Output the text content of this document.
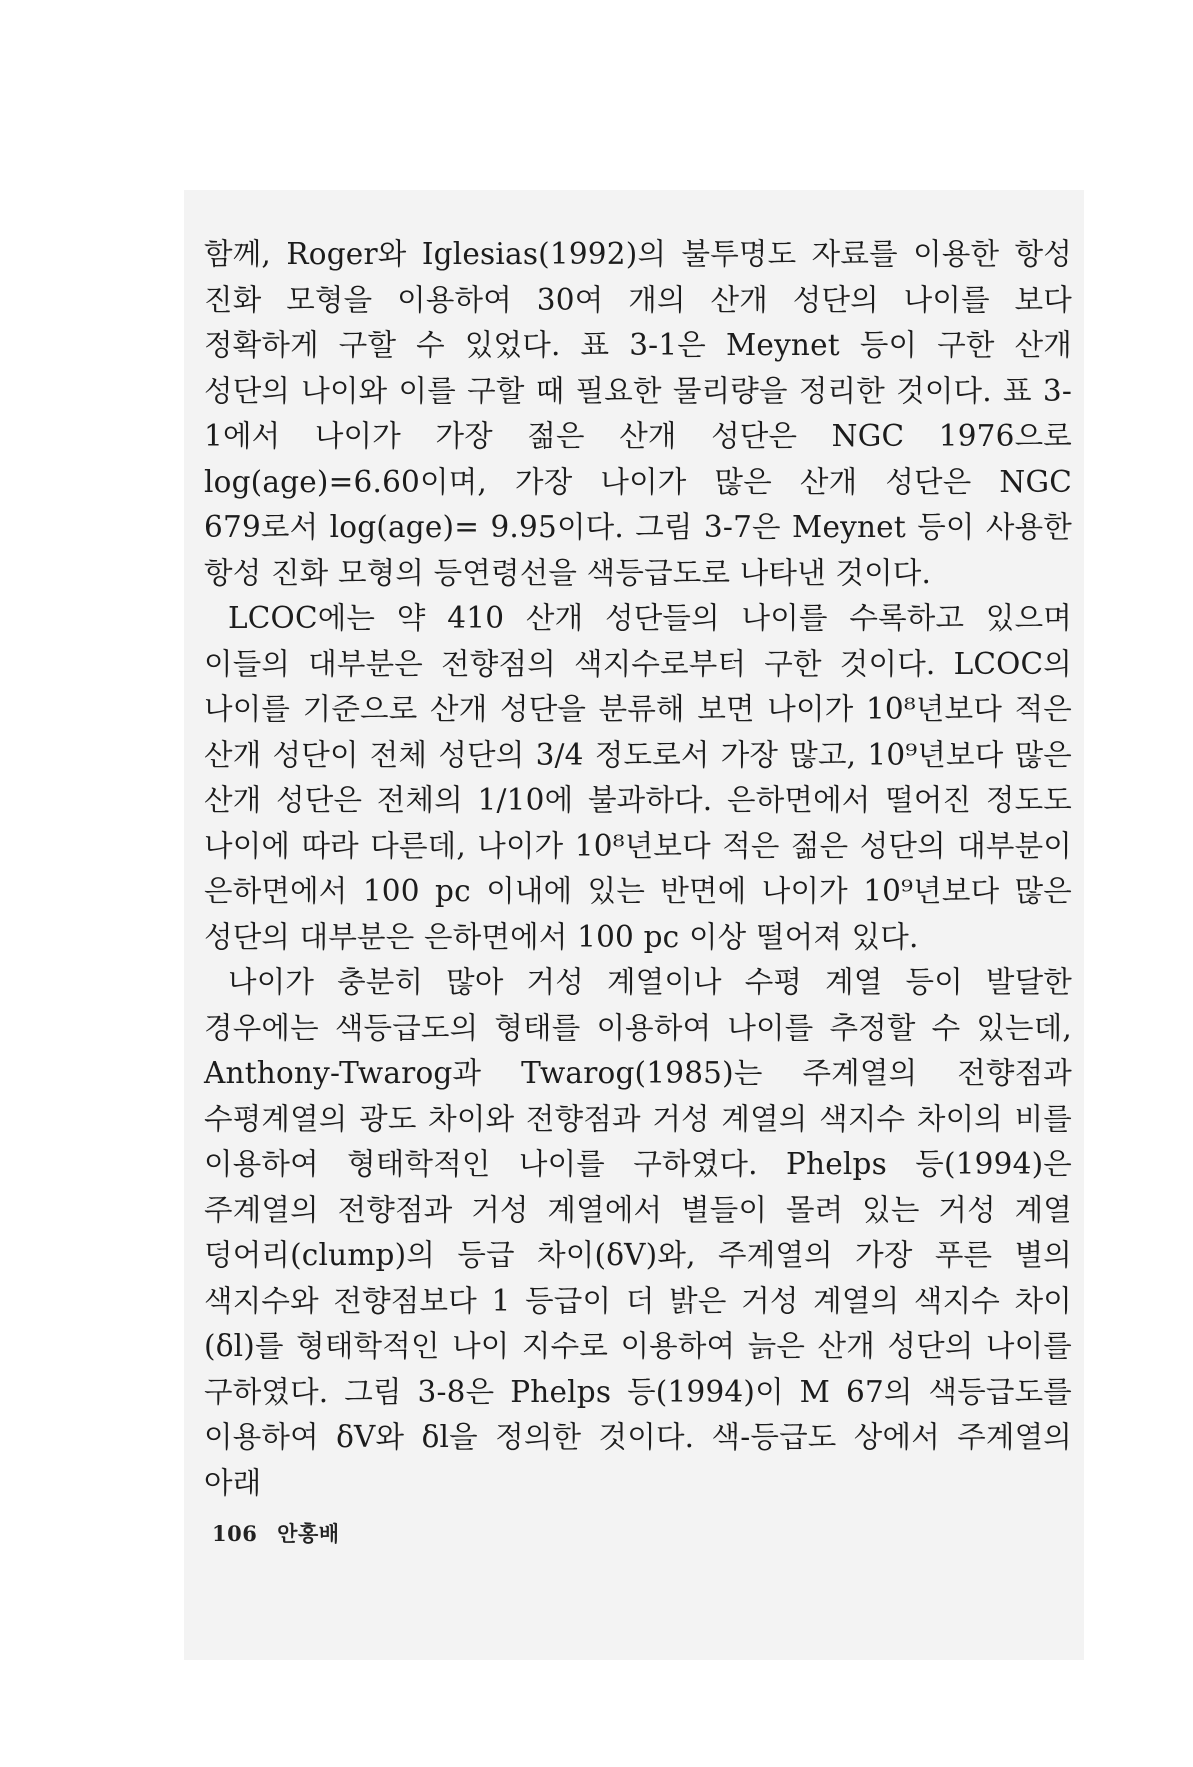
함께, Roger와 Iglesias(1992)의 불투명도 자료를 이용한 항성 진화 모형을 이용하여 30여 개의 산개 성단의 나이를 보다 정확하게 구할 수 있었다. 표 3-1은 Meynet 등이 구한 산개 성단의 나이와 이를 구할 때 필요한 물리량을 정리한 것이다. 표 3-1에서 나이가 가장 젊은 산개 성단은 NGC 1976으로 log(age)=6.60이며, 가장 나이가 많은 산개 성단은 NGC 679로서 log(age)= 9.95이다. 그림 3-7은 Meynet 등이 사용한 항성 진화 모형의 등연령선을 색등급도로 나타낸 것이다.

LCOC에는 약 410 산개 성단들의 나이를 수록하고 있으며 이들의 대부분은 전향점의 색지수로부터 구한 것이다. LCOC의 나이를 기준으로 산개 성단을 분류해 보면 나이가 10⁸년보다 적은 산개 성단이 전체 성단의 3/4 정도로서 가장 많고, 10⁹년보다 많은 산개 성단은 전체의 1/10에 불과하다. 은하면에서 떨어진 정도도 나이에 따라 다른데, 나이가 10⁸년보다 적은 젊은 성단의 대부분이 은하면에서 100 pc 이내에 있는 반면에 나이가 10⁹년보다 많은 성단의 대부분은 은하면에서 100 pc 이상 떨어져 있다.

나이가 충분히 많아 거성 계열이나 수평 계열 등이 발달한 경우에는 색등급도의 형태를 이용하여 나이를 추정할 수 있는데, Anthony-Twarog과 Twarog(1985)는 주계열의 전향점과 수평계열의 광도 차이와 전향점과 거성 계열의 색지수 차이의 비를 이용하여 형태학적인 나이를 구하였다. Phelps 등(1994)은 주계열의 전향점과 거성 계열에서 별들이 몰려 있는 거성 계열 덩어리(clump)의 등급 차이(δV)와, 주계열의 가장 푸른 별의 색지수와 전향점보다 1 등급이 더 밝은 거성 계열의 색지수 차이(δl)를 형태학적인 나이 지수로 이용하여 늙은 산개 성단의 나이를 구하였다. 그림 3-8은 Phelps 등(1994)이 M 67의 색등급도를 이용하여 δV와 δl을 정의한 것이다. 색-등급도 상에서 주계열의 아래

106 안홍배
